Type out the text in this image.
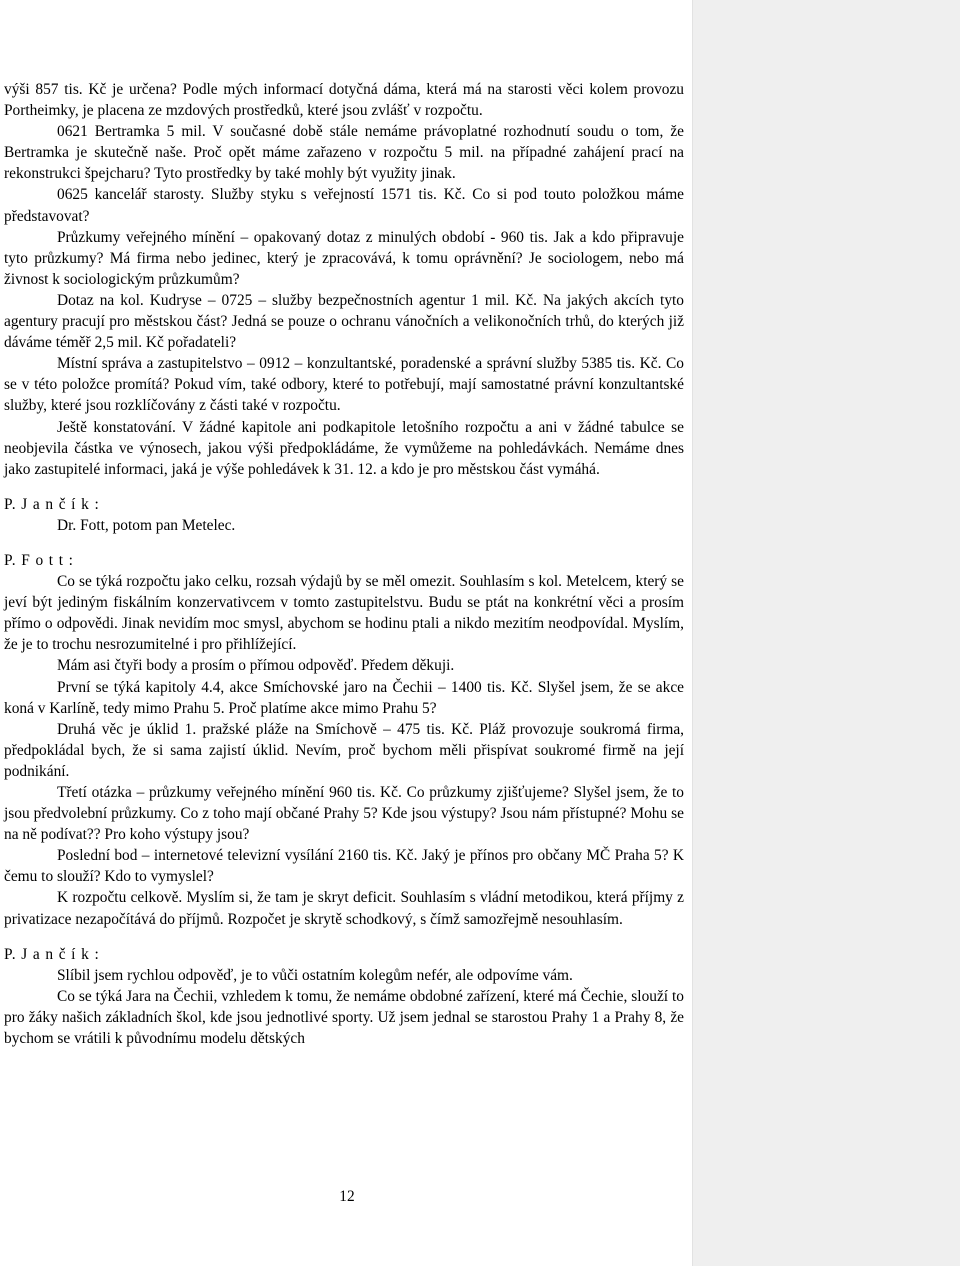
výši 857 tis. Kč je určena? Podle mých informací dotyčná dáma, která má na starosti věci kolem provozu Portheimky, je placena ze mzdových prostředků, které jsou zvlášť v rozpočtu.

0621 Bertramka 5 mil. V současné době stále nemáme právoplatné rozhodnutí soudu o tom, že Bertramka je skutečně naše. Proč opět máme zařazeno v rozpočtu 5 mil. na případné zahájení prací na rekonstrukci špejcharu? Tyto prostředky by také mohly být využity jinak.

0625 kancelář starosty. Služby styku s veřejností 1571 tis. Kč. Co si pod touto položkou máme představovat?

Průzkumy veřejného mínění – opakovaný dotaz z minulých období - 960 tis. Jak a kdo připravuje tyto průzkumy? Má firma nebo jedinec, který je zpracovává, k tomu oprávnění? Je sociologem, nebo má živnost k sociologickým průzkumům?

Dotaz na kol. Kudryse – 0725 – služby bezpečnostních agentur 1 mil. Kč. Na jakých akcích tyto agentury pracují pro městskou část? Jedná se pouze o ochranu vánočních a velikonočních trhů, do kterých již dáváme téměř 2,5 mil. Kč pořadateli?

Místní správa a zastupitelstvo – 0912 – konzultantské, poradenské a správní služby 5385 tis. Kč. Co se v této položce promítá? Pokud vím, také odbory, které to potřebují, mají samostatné právní konzultantské služby, které jsou rozklíčovány z části také v rozpočtu.

Ještě konstatování. V žádné kapitole ani podkapitole letošního rozpočtu a ani v žádné tabulce se neobjevila částka ve výnosech, jakou výši předpokládáme, že vymůžeme na pohledávkách. Nemáme dnes jako zastupitelé informaci, jaká je výše pohledávek k 31. 12. a kdo je pro městskou část vymáhá.

P. J a n č í k :

Dr. Fott, potom pan Metelec.

P. F o t t :

Co se týká rozpočtu jako celku, rozsah výdajů by se měl omezit. Souhlasím s kol. Metelcem, který se jeví být jediným fiskálním konzervativcem v tomto zastupitelstvu. Budu se ptát na konkrétní věci a prosím přímo o odpovědi. Jinak nevidím moc smysl, abychom se hodinu ptali a nikdo mezitím neodpovídal. Myslím, že je to trochu nesrozumitelné i pro přihlížející.

Mám asi čtyři body a prosím o přímou odpověď. Předem děkuji.

První se týká kapitoly 4.4, akce Smíchovské jaro na Čechii – 1400 tis. Kč. Slyšel jsem, že se akce koná v Karlíně, tedy mimo Prahu 5. Proč platíme akce mimo Prahu 5?

Druhá věc je úklid 1. pražské pláže na Smíchově – 475 tis. Kč. Pláž provozuje soukromá firma, předpokládal bych, že si sama zajistí úklid. Nevím, proč bychom měli přispívat soukromé firmě na její podnikání.

Třetí otázka – průzkumy veřejného mínění 960 tis. Kč. Co průzkumy zjišťujeme? Slyšel jsem, že to jsou předvolební průzkumy. Co z toho mají občané Prahy 5? Kde jsou výstupy? Jsou nám přístupné? Mohu se na ně podívat?? Pro koho výstupy jsou?

Poslední bod – internetové televizní vysílání 2160 tis. Kč. Jaký je přínos pro občany MČ Praha 5? K čemu to slouží? Kdo to vymyslel?

K rozpočtu celkově. Myslím si, že tam je skryt deficit. Souhlasím s vládní metodikou, která příjmy z privatizace nezapočítává do příjmů. Rozpočet je skrytě schodkový, s čímž samozřejmě nesouhlasím.

P. J a n č í k :

Slíbil jsem rychlou odpověď, je to vůči ostatním kolegům nefér, ale odpovíme vám.

Co se týká Jara na Čechii, vzhledem k tomu, že nemáme obdobné zařízení, které má Čechie, slouží to pro žáky našich základních škol, kde jsou jednotlivé sporty. Už jsem jednal se starostou Prahy 1 a Prahy 8, že bychom se vrátili k původnímu modelu dětských

12
